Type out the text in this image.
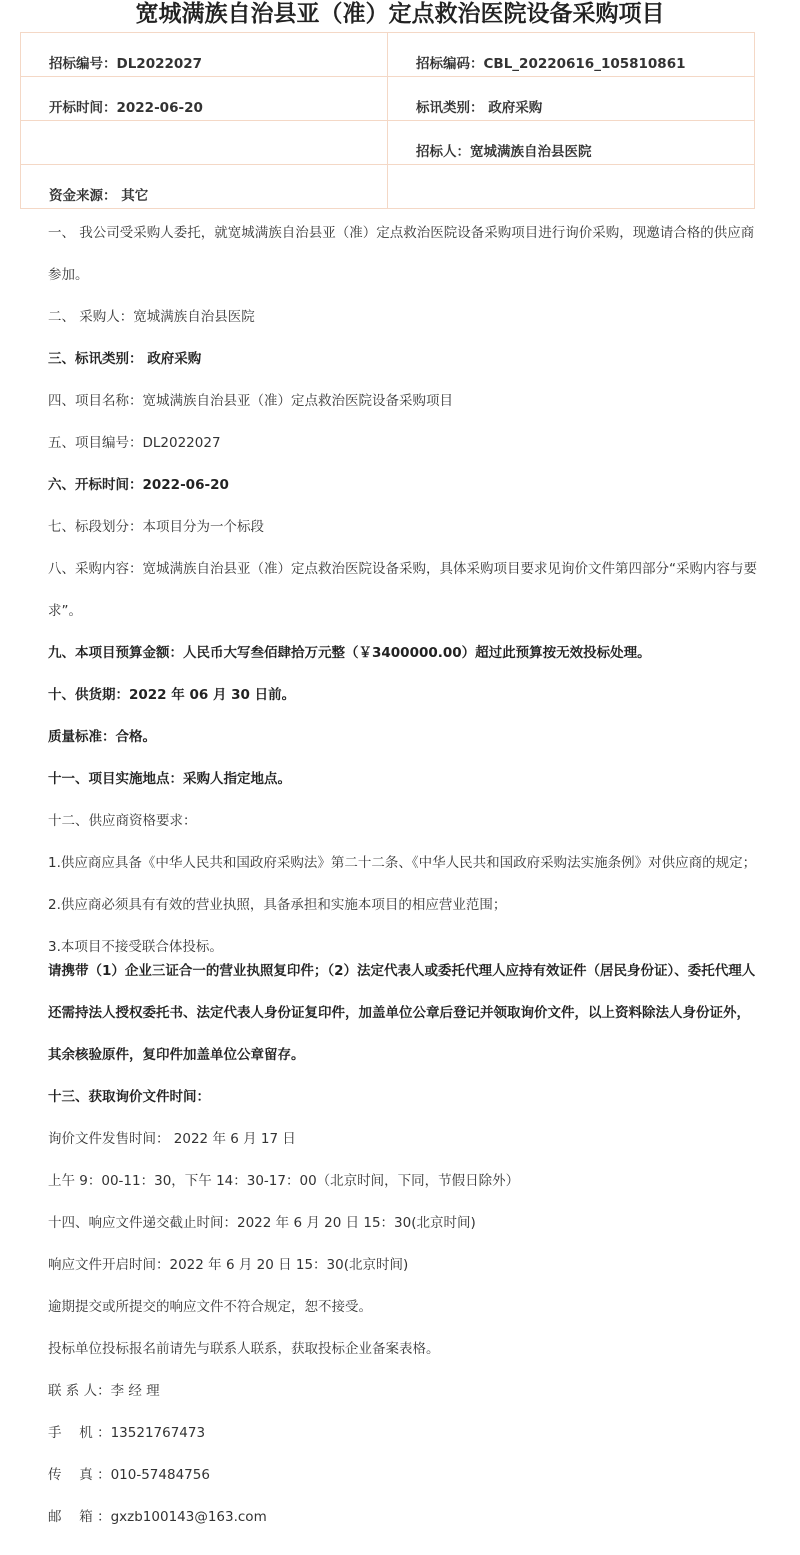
宽城满族自治县亚（准）定点救治医院设备采购项目
招标编号：DL2022027	招标编码：CBL_20220616_105810861
开标时间：2022-06-20	标讯类别： 政府采购
	招标人：宽城满族自治县医院
资金来源： 其它	

一、 我公司受采购人委托，就宽城满族自治县亚（准）定点救治医院设备采购项目进行询价采购，现邀请合格的供应商参加。

二、 采购人：宽城满族自治县医院

三、标讯类别： 政府采购

四、项目名称：宽城满族自治县亚（准）定点救治医院设备采购项目

五、项目编号：DL2022027

六、开标时间：2022-06-20

七、标段划分：本项目分为一个标段

八、采购内容：宽城满族自治县亚（准）定点救治医院设备采购，具体采购项目要求见询价文件第四部分“采购内容与要求”。

九、本项目预算金额：人民币大写叁佰肆拾万元整（￥3400000.00）超过此预算按无效投标处理。

十、供货期：2022 年 06 月 30 日前。

质量标准：合格。

十一、项目实施地点：采购人指定地点。

十二、供应商资格要求：

1.供应商应具备《中华人民共和国政府采购法》第二十二条、《中华人民共和国政府采购法实施条例》对供应商的规定；

2.供应商必须具有有效的营业执照，具备承担和实施本项目的相应营业范围；

3.本项目不接受联合体投标。

请携带（1）企业三证合一的营业执照复印件；（2）法定代表人或委托代理人应持有效证件（居民身份证）、委托代理人还需持法人授权委托书、法定代表人身份证复印件，加盖单位公章后登记并领取询价文件，以上资料除法人身份证外，其余核验原件，复印件加盖单位公章留存。

十三、获取询价文件时间：

询价文件发售时间： 2022 年 6 月 17 日

上午 9：00-11：30，下午 14：30-17：00（北京时间，下同，节假日除外）

十四、响应文件递交截止时间：2022 年 6 月 20 日 15：30(北京时间)

响应文件开启时间：2022 年 6 月 20 日 15：30(北京时间)

逾期提交或所提交的响应文件不符合规定，恕不接受。

投标单位投标报名前请先与联系人联系，获取投标企业备案表格。

联 系 人：李 经 理

手　 机 ：13521767473

传　 真 ：010-57484756

邮　 箱 ：gxzb100143@163.com
